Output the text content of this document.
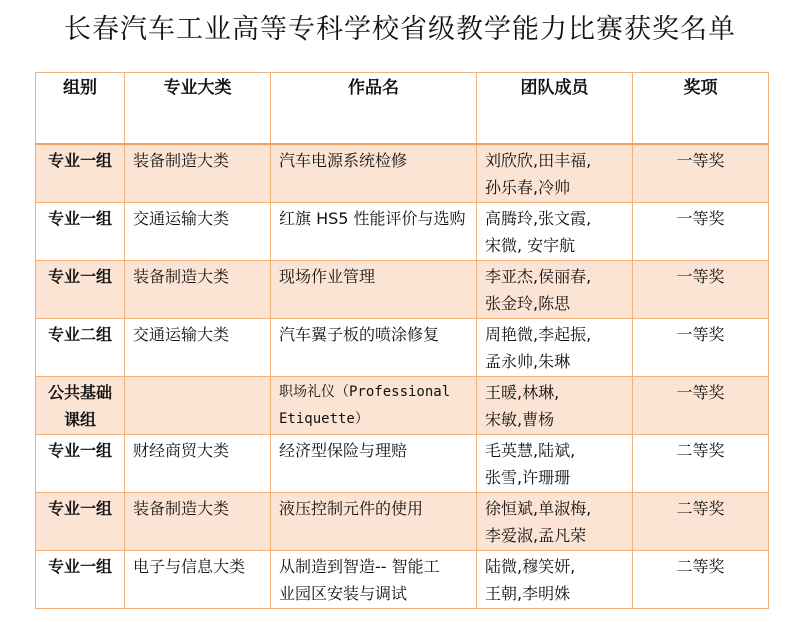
长春汽车工业高等专科学校省级教学能力比赛获奖名单
组别	专业大类	作品名	团队成员	奖项

专业一组	装备制造大类	汽车电源系统检修	刘欣欣,田丰福,
孙乐春,冷帅	一等奖

专业一组	交通运输大类	红旗 HS5 性能评价与选购	高腾玲,张文霞,
宋微, 安宇航	一等奖

专业一组	装备制造大类	现场作业管理	李亚杰,侯丽春,
张金玲,陈思	一等奖

专业二组	交通运输大类	汽车翼子板的喷涂修复	周艳微,李起振,
孟永帅,朱琳	一等奖

公共基础
课组		职场礼仪（Professional
Etiquette）	王暖,林琳,
宋敏,曹杨	一等奖

专业一组	财经商贸大类	经济型保险与理赔	毛英慧,陆斌,
张雪,许珊珊	二等奖

专业一组	装备制造大类	液压控制元件的使用	徐恒斌,单淑梅,
李爱淑,孟凡荣	二等奖

专业一组	电子与信息大类	从制造到智造-- 智能工
业园区安装与调试	陆微,穆笑妍,
王朝,李明姝	二等奖
